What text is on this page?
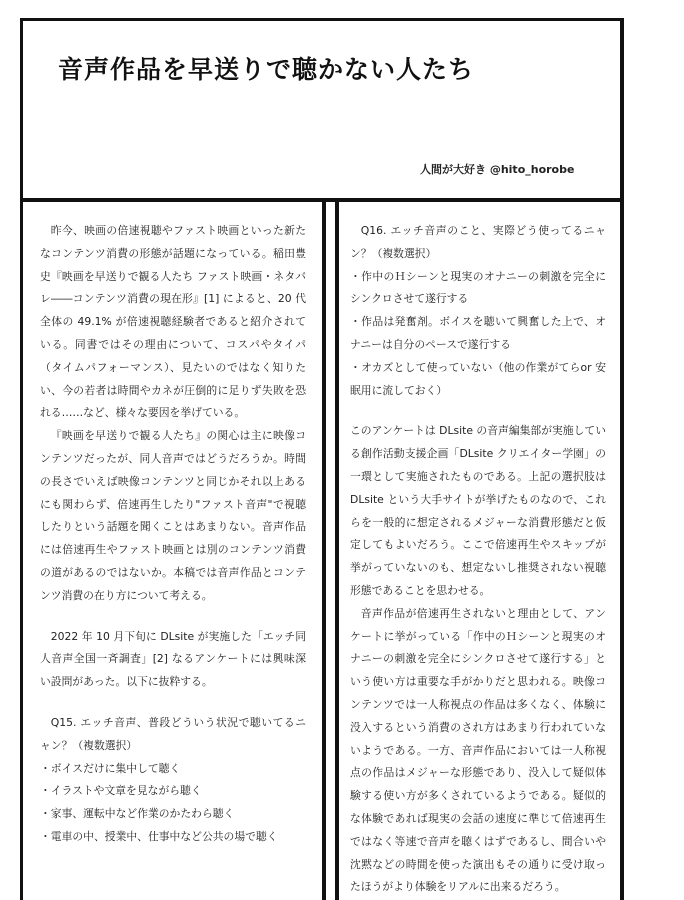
音声作品を早送りで聴かない人たち
人間が大好き @hito_horobe

昨今、映画の倍速視聴やファスト映画といった新たなコンテンツ消費の形態が話題になっている。稲田豊史『映画を早送りで観る人たち ファスト映画・ネタバレ――コンテンツ消費の現在形』[1] によると、20 代全体の 49.1% が倍速視聴経験者であると紹介されている。同書ではその理由について、コスパやタイパ（タイムパフォーマンス）、見たいのではなく知りたい、今の若者は時間やカネが圧倒的に足りず失敗を恐れる……など、様々な要因を挙げている。

『映画を早送りで観る人たち』の関心は主に映像コンテンツだったが、同人音声ではどうだろうか。時間の長さでいえば映像コンテンツと同じかそれ以上あるにも関わらず、倍速再生したり"ファスト音声"で視聴したりという話題を聞くことはあまりない。音声作品には倍速再生やファスト映画とは別のコンテンツ消費の道があるのではないか。本稿では音声作品とコンテンツ消費の在り方について考える。

2022 年 10 月下旬に DLsite が実施した「エッチ同人音声全国一斉調査」[2] なるアンケートには興味深い設問があった。以下に抜粋する。

Q15. エッチ音声、普段どういう状況で聴いてるニャン？（複数選択）

・ボイスだけに集中して聴く

・イラストや文章を見ながら聴く

・家事、運転中など作業のかたわら聴く

・電車の中、授業中、仕事中など公共の場で聴く

Q16. エッチ音声のこと、実際どう使ってるニャン？（複数選択）

・作中のＨシーンと現実のオナニーの刺激を完全にシンクロさせて遂行する

・作品は発奮剤。ボイスを聴いて興奮した上で、オナニーは自分のペースで遂行する

・オカズとして使っていない（他の作業がてらor 安眠用に流しておく）

このアンケートは DLsite の音声編集部が実施している創作活動支援企画「DLsite クリエイター学園」の一環として実施されたものである。上記の選択肢は DLsite という大手サイトが挙げたものなので、これらを一般的に想定されるメジャーな消費形態だと仮定してもよいだろう。ここで倍速再生やスキップが挙がっていないのも、想定ないし推奨されない視聴形態であることを思わせる。

音声作品が倍速再生されないと理由として、アンケートに挙がっている「作中のＨシーンと現実のオナニーの刺激を完全にシンクロさせて遂行する」という使い方は重要な手がかりだと思われる。映像コンテンツでは一人称視点の作品は多くなく、体験に没入するという消費のされ方はあまり行われていないようである。一方、音声作品においては一人称視点の作品はメジャーな形態であり、没入して疑似体験する使い方が多くされているようである。疑似的な体験であれば現実の会話の速度に準じて倍速再生ではなく等速で音声を聴くはずであるし、間合いや沈黙などの時間を使った演出もその通りに受け取ったほうがより体験をリアルに出来るだろう。
